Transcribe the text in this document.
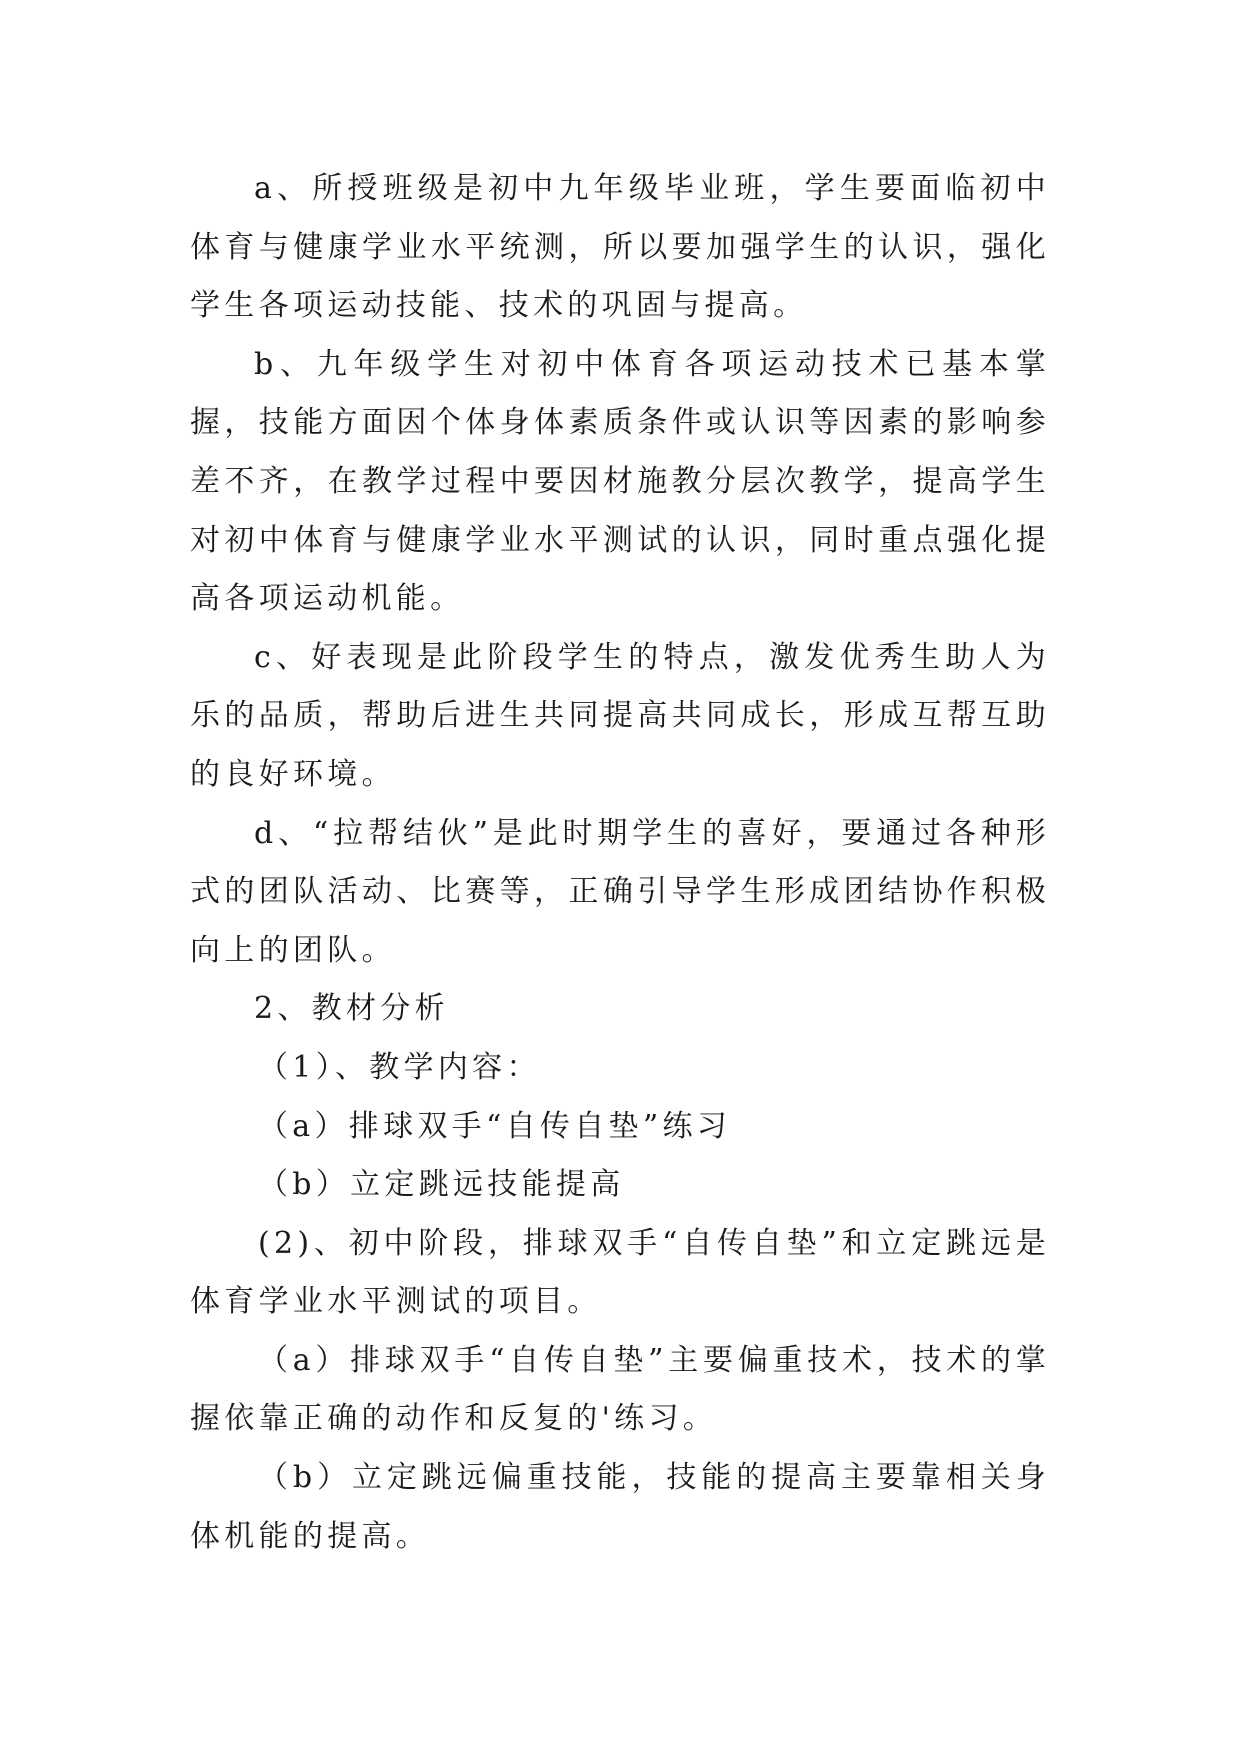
a、所授班级是初中九年级毕业班，学生要面临初中体育与健康学业水平统测，所以要加强学生的认识，强化学生各项运动技能、技术的巩固与提高。

b、九年级学生对初中体育各项运动技术已基本掌握，技能方面因个体身体素质条件或认识等因素的影响参差不齐，在教学过程中要因材施教分层次教学，提高学生对初中体育与健康学业水平测试的认识，同时重点强化提高各项运动机能。

c、好表现是此阶段学生的特点，激发优秀生助人为乐的品质，帮助后进生共同提高共同成长，形成互帮互助的良好环境。

d、“拉帮结伙”是此时期学生的喜好，要通过各种形式的团队活动、比赛等，正确引导学生形成团结协作积极向上的团队。

2、教材分析

（1）、教学内容：

（a）排球双手“自传自垫”练习

（b）立定跳远技能提高

(2)、初中阶段，排球双手“自传自垫”和立定跳远是体育学业水平测试的项目。

（a）排球双手“自传自垫”主要偏重技术，技术的掌握依靠正确的动作和反复的'练习。

（b）立定跳远偏重技能，技能的提高主要靠相关身体机能的提高。
